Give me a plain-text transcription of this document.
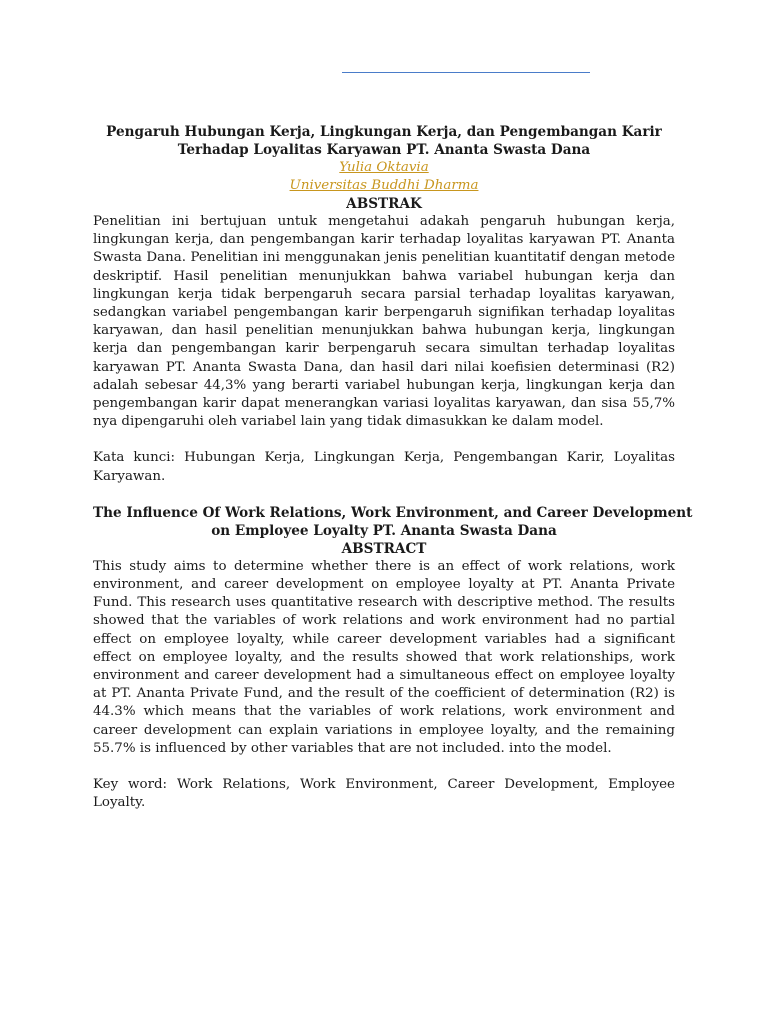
Pengaruh Hubungan Kerja, Lingkungan Kerja, dan Pengembangan Karir
Terhadap Loyalitas Karyawan PT. Ananta Swasta Dana

Yulia Oktavia

Universitas Buddhi Dharma

ABSTRAK

Penelitian ini bertujuan untuk mengetahui adakah pengaruh hubungan kerja, lingkungan kerja, dan pengembangan karir terhadap loyalitas karyawan PT. Ananta Swasta Dana. Penelitian ini menggunakan jenis penelitian kuantitatif dengan metode deskriptif. Hasil penelitian menunjukkan bahwa variabel hubungan kerja dan lingkungan kerja tidak berpengaruh secara parsial terhadap loyalitas karyawan, sedangkan variabel pengembangan karir berpengaruh signifikan terhadap loyalitas karyawan, dan hasil penelitian menunjukkan bahwa hubungan kerja, lingkungan kerja dan pengembangan karir berpengaruh secara simultan terhadap loyalitas karyawan PT. Ananta Swasta Dana, dan hasil dari nilai koefisien determinasi (R2) adalah sebesar 44,3% yang berarti variabel hubungan kerja, lingkungan kerja dan pengembangan karir dapat menerangkan variasi loyalitas karyawan, dan sisa 55,7% nya dipengaruhi oleh variabel lain yang tidak dimasukkan ke dalam model.

Kata kunci: Hubungan Kerja, Lingkungan Kerja, Pengembangan Karir, Loyalitas Karyawan.

The Influence Of Work Relations, Work Environment, and Career Development
on Employee Loyalty PT. Ananta Swasta Dana

ABSTRACT

This study aims to determine whether there is an effect of work relations, work environment, and career development on employee loyalty at PT. Ananta Private Fund. This research uses quantitative research with descriptive method. The results showed that the variables of work relations and work environment had no partial effect on employee loyalty, while career development variables had a significant effect on employee loyalty, and the results showed that work relationships, work environment and career development had a simultaneous effect on employee loyalty at PT. Ananta Private Fund, and the result of the coefficient of determination (R2) is 44.3% which means that the variables of work relations, work environment and career development can explain variations in employee loyalty, and the remaining 55.7% is influenced by other variables that are not included. into the model.

Key word: Work Relations, Work Environment, Career Development, Employee Loyalty.
